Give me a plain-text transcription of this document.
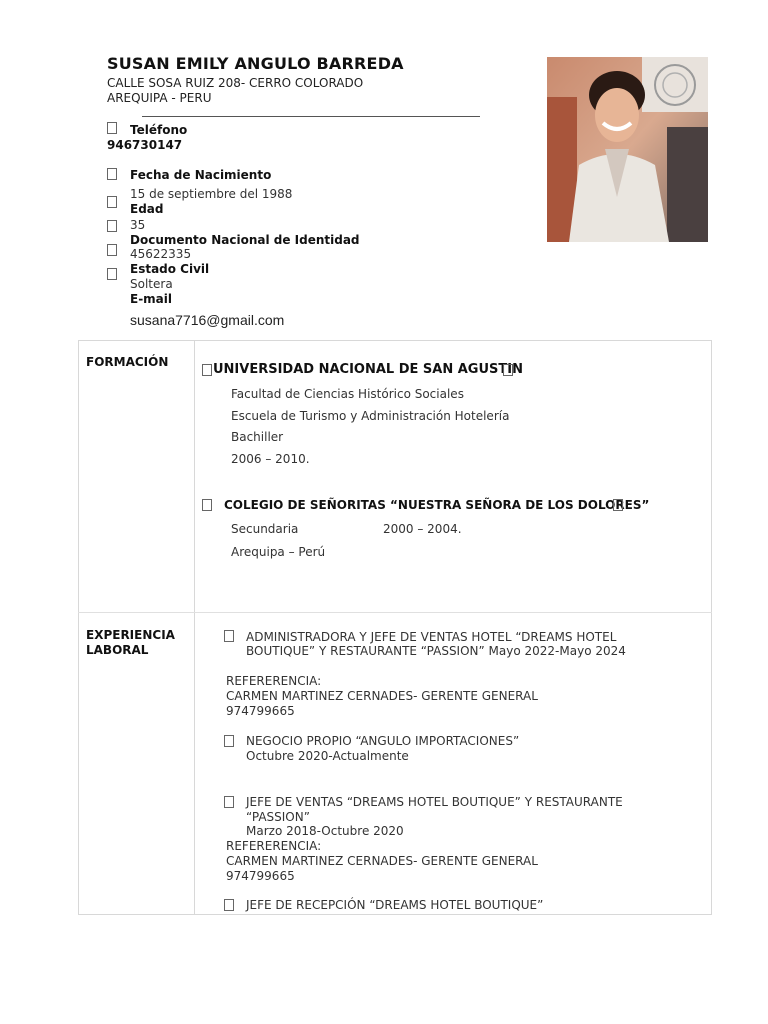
SUSAN EMILY ANGULO BARREDA
CALLE SOSA RUIZ 208- CERRO COLORADO
AREQUIPA - PERU
Teléfono
946730147
Fecha de Nacimiento
15 de septiembre del 1988
Edad
35
Documento Nacional de Identidad
45622335
Estado Civil
Soltera
E-mail
susana7716@gmail.com
FORMACIÓN	UNIVERSIDAD NACIONAL DE SAN AGUSTIN
Facultad de Ciencias Histórico Sociales
Escuela de Turismo y Administración Hotelería
Bachiller
2006 – 2010.
COLEGIO DE SEÑORITAS “NUESTRA SEÑORA DE LOS DOLORES”
Secundaria	2000 – 2004.
Arequipa – Perú
EXPERIENCIA
LABORAL
ADMINISTRADORA Y JEFE DE VENTAS HOTEL “DREAMS HOTEL
BOUTIQUE” Y RESTAURANTE “PASSION” Mayo 2022-Mayo 2024
REFERERENCIA:
CARMEN MARTINEZ CERNADES- GERENTE GENERAL
974799665
NEGOCIO PROPIO “ANGULO IMPORTACIONES”
Octubre 2020-Actualmente
JEFE DE VENTAS “DREAMS HOTEL BOUTIQUE” Y RESTAURANTE
“PASSION”
Marzo 2018-Octubre 2020
REFERERENCIA:
CARMEN MARTINEZ CERNADES- GERENTE GENERAL
974799665
JEFE DE RECEPCIÓN “DREAMS HOTEL BOUTIQUE”
